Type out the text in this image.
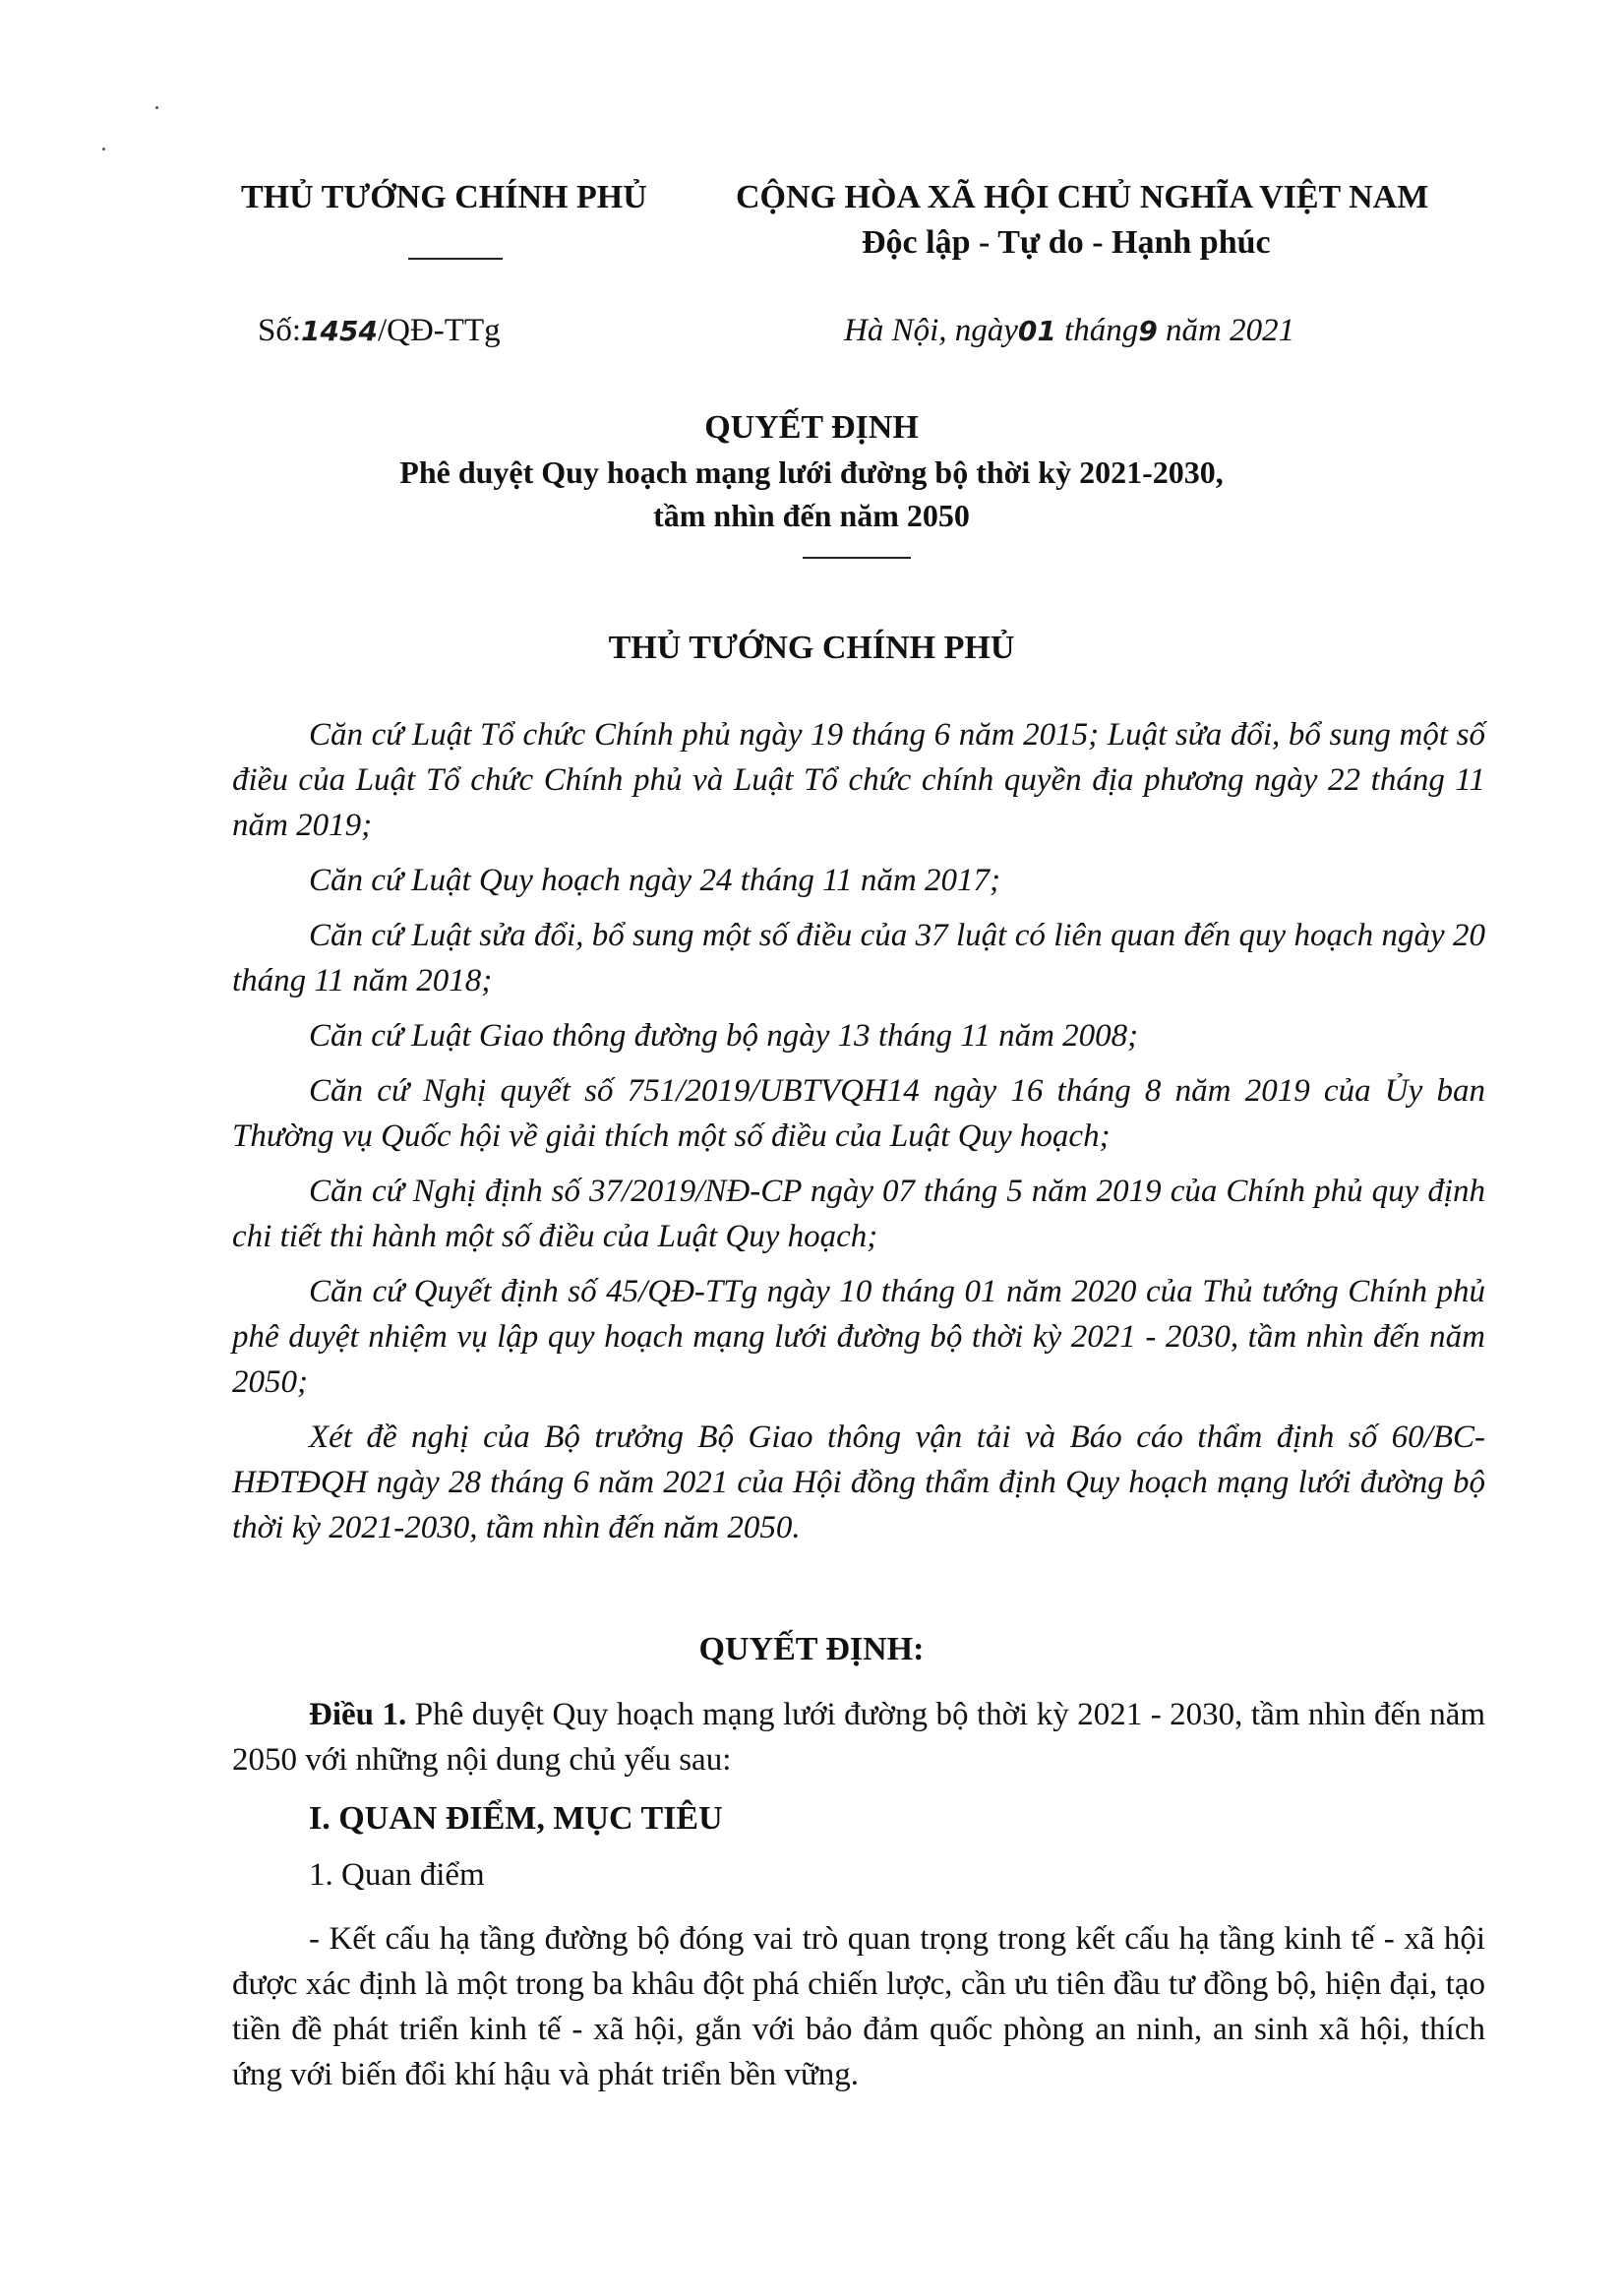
THỦ TƯỚNG CHÍNH PHỦ	CỘNG HÒA XÃ HỘI CHỦ NGHĨA VIỆT NAM
Độc lập - Tự do - Hạnh phúc
Số:1454/QĐ-TTg	Hà Nội, ngày01 tháng9 năm 2021
QUYẾT ĐỊNH
Phê duyệt Quy hoạch mạng lưới đường bộ thời kỳ 2021-2030,
tầm nhìn đến năm 2050
THỦ TƯỚNG CHÍNH PHỦ

Căn cứ Luật Tổ chức Chính phủ ngày 19 tháng 6 năm 2015; Luật sửa đổi, bổ sung một số điều của Luật Tổ chức Chính phủ và Luật Tổ chức chính quyền địa phương ngày 22 tháng 11 năm 2019;

Căn cứ Luật Quy hoạch ngày 24 tháng 11 năm 2017;

Căn cứ Luật sửa đổi, bổ sung một số điều của 37 luật có liên quan đến quy hoạch ngày 20 tháng 11 năm 2018;

Căn cứ Luật Giao thông đường bộ ngày 13 tháng 11 năm 2008;

Căn cứ Nghị quyết số 751/2019/UBTVQH14 ngày 16 tháng 8 năm 2019 của Ủy ban Thường vụ Quốc hội về giải thích một số điều của Luật Quy hoạch;

Căn cứ Nghị định số 37/2019/NĐ-CP ngày 07 tháng 5 năm 2019 của Chính phủ quy định chi tiết thi hành một số điều của Luật Quy hoạch;

Căn cứ Quyết định số 45/QĐ-TTg ngày 10 tháng 01 năm 2020 của Thủ tướng Chính phủ phê duyệt nhiệm vụ lập quy hoạch mạng lưới đường bộ thời kỳ 2021 - 2030, tầm nhìn đến năm 2050;

Xét đề nghị của Bộ trưởng Bộ Giao thông vận tải và Báo cáo thẩm định số 60/BC-HĐTĐQH ngày 28 tháng 6 năm 2021 của Hội đồng thẩm định Quy hoạch mạng lưới đường bộ thời kỳ 2021-2030, tầm nhìn đến năm 2050.

QUYẾT ĐỊNH:

Điều 1. Phê duyệt Quy hoạch mạng lưới đường bộ thời kỳ 2021 - 2030, tầm nhìn đến năm 2050 với những nội dung chủ yếu sau:

I. QUAN ĐIỂM, MỤC TIÊU
1. Quan điểm

- Kết cấu hạ tầng đường bộ đóng vai trò quan trọng trong kết cấu hạ tầng kinh tế - xã hội được xác định là một trong ba khâu đột phá chiến lược, cần ưu tiên đầu tư đồng bộ, hiện đại, tạo tiền đề phát triển kinh tế - xã hội, gắn với bảo đảm quốc phòng an ninh, an sinh xã hội, thích ứng với biến đổi khí hậu và phát triển bền vững.
